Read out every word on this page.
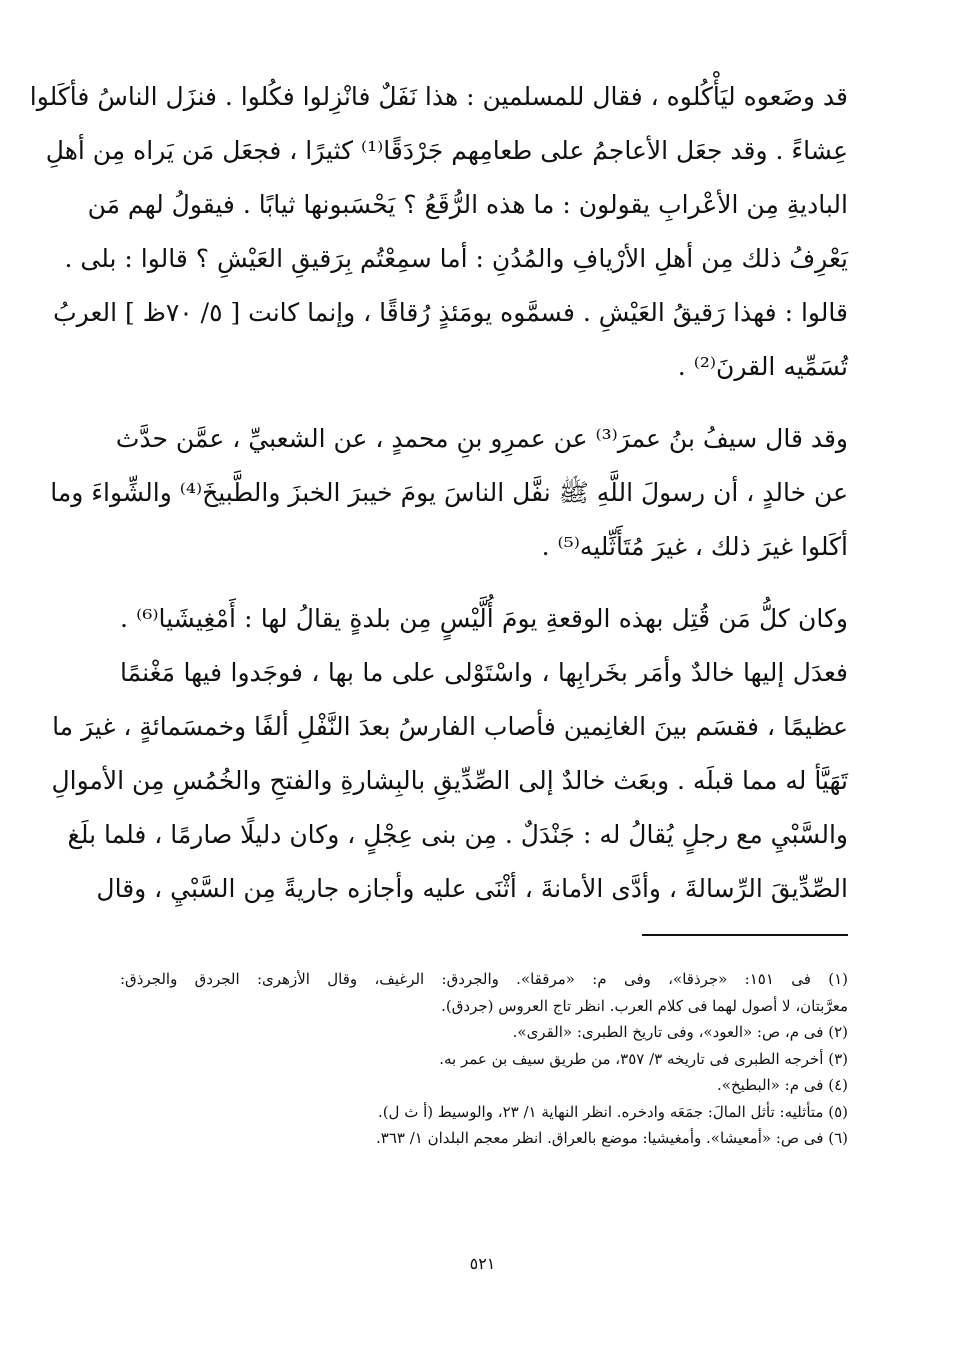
قد وضَعوه ليَأْكُلوه ، فقال للمسلمين : هذا نَفَلٌ فانْزِلوا فكُلوا . فنزَل الناسُ فأكَلوا
عِشاءً . وقد جعَل الأعاجمُ على طعامِهم جَرْدَقًا⁽¹⁾ كثيرًا ، فجعَل مَن يَراه مِن أهلِ
الباديةِ مِن الأعْرابِ يقولون : ما هذه الرُّقَعُ ؟ يَحْسَبونها ثيابًا . فيقولُ لهم مَن
يَعْرِفُ ذلك مِن أهلِ الأرْيافِ والمُدُنِ : أما سمِعْتُم بِرَقيقِ العَيْشِ ؟ قالوا : بلى .
قالوا : فهذا رَقيقُ العَيْشِ . فسمَّوه يومَئذٍ رُقاقًا ، وإنما كانت [ ٥/ ٧٠ظ ] العربُ
تُسَمِّيه القرنَ⁽²⁾ .
وقد قال سيفُ بنُ عمرَ⁽³⁾ عن عمرِو بنِ محمدٍ ، عن الشعبيِّ ، عمَّن حدَّث
عن خالدٍ ، أن رسولَ اللَّهِ ﷺ نفَّل الناسَ يومَ خيبرَ الخبزَ والطَّبيخَ⁽⁴⁾ والشِّواءَ وما
أكَلوا غيرَ ذلك ، غيرَ مُتَأَثِّليه⁽⁵⁾ .
وكان كلُّ مَن قُتِل بهذه الوقعةِ يومَ أُلَّيْسٍ مِن بلدةٍ يقالُ لها : أَمْغِيشَيا⁽⁶⁾ .
فعدَل إليها خالدٌ وأمَر بخَرابِها ، واسْتَوْلى على ما بها ، فوجَدوا فيها مَغْنمًا
عظيمًا ، فقسَم بينَ الغانِمين فأصاب الفارسُ بعدَ النَّفْلِ ألفًا وخمسَمائةٍ ، غيرَ ما
تَهَيَّأ له مما قبلَه . وبعَث خالدٌ إلى الصِّدِّيقِ بالبِشارةِ والفتحِ والخُمُسِ مِن الأموالِ
والسَّبْيِ مع رجلٍ يُقالُ له : جَنْدَلٌ . مِن بنى عِجْلٍ ، وكان دليلًا صارمًا ، فلما بلَغ
الصِّدِّيقَ الرِّسالةَ ، وأدَّى الأمانةَ ، أثْنَى عليه وأجازه جاريةً مِن السَّبْيِ ، وقال
(١) فى ١٥١: «جرذقا»، وفى م: «مرققا». والجردق: الرغيف، وقال الأزهرى: الجردق والجرذق:
معرَّبتان، لا أصول لهما فى كلام العرب. انظر تاج العروس (جردق).
(٢) فى م، ص: «العود»، وفى تاريخ الطبرى: «القرى».
(٣) أخرجه الطبرى فى تاريخه ٣/ ٣٥٧، من طريق سيف بن عمر به.
(٤) فى م: «البطيخ».
(٥) متأثليه: تأثل المالَ: جمَعَه وادخره. انظر النهاية ١/ ٢٣، والوسيط (أ ث ل).
(٦) فى ص: «أمعيشا». وأمغيشيا: موضع بالعراق. انظر معجم البلدان ١/ ٣٦٣.
٥٢١
